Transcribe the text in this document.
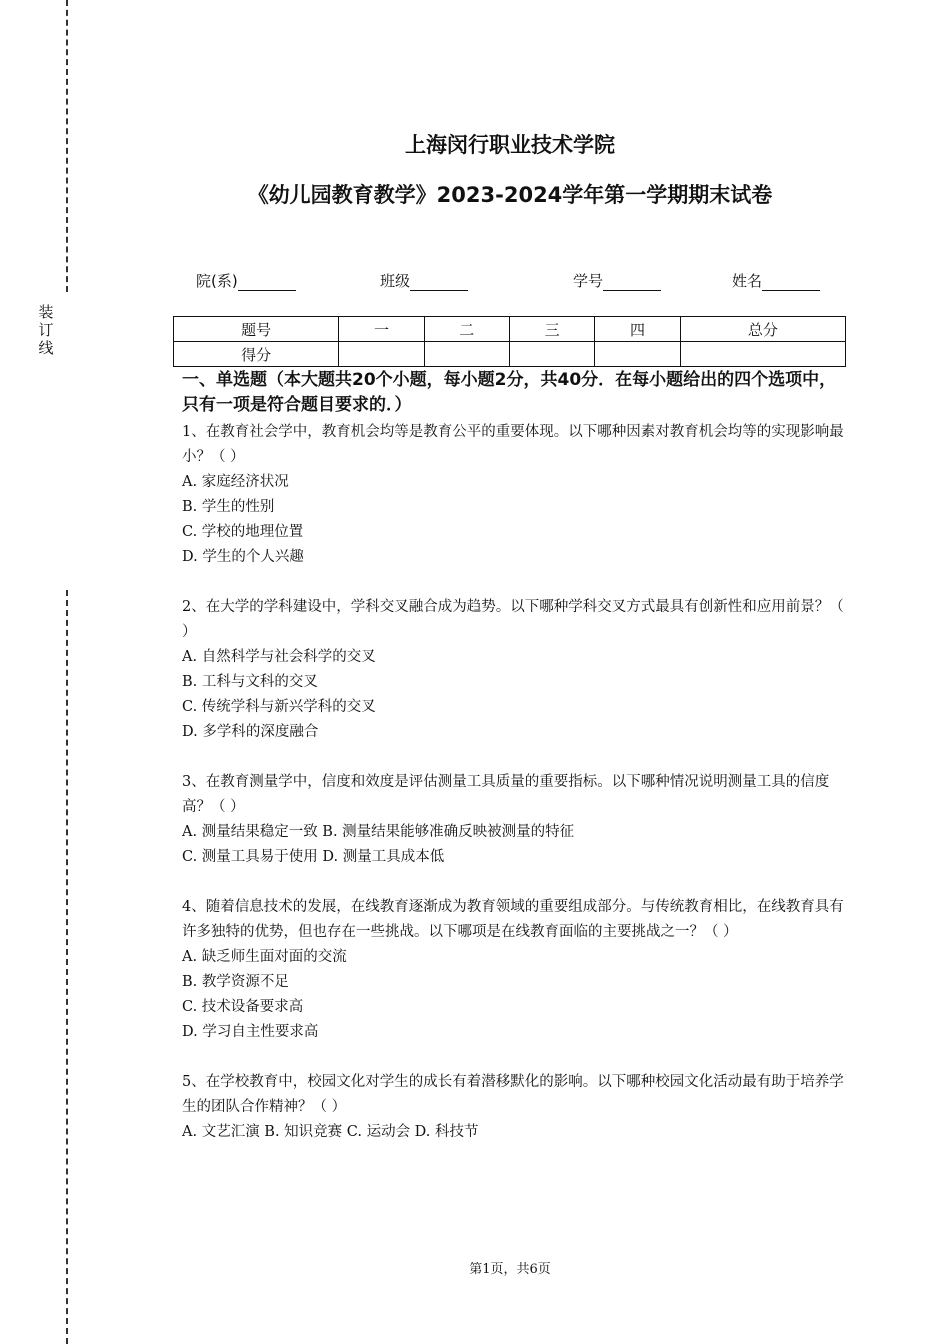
装订线
上海闵行职业技术学院
《幼儿园教育教学》2023-2024学年第一学期期末试卷
院(系)	班级	学号	姓名
题号	一	二	三	四	总分
得分					
一、单选题（本大题共20个小题，每小题2分，共40分．在每小题给出的四个选项中，只有一项是符合题目要求的．）

1、在教育社会学中，教育机会均等是教育公平的重要体现。以下哪种因素对教育机会均等的实现影响最小？（ ）

A. 家庭经济状况

B. 学生的性别

C. 学校的地理位置

D. 学生的个人兴趣

2、在大学的学科建设中，学科交叉融合成为趋势。以下哪种学科交叉方式最具有创新性和应用前景？（ ）

A. 自然科学与社会科学的交叉

B. 工科与文科的交叉

C. 传统学科与新兴学科的交叉

D. 多学科的深度融合

3、在教育测量学中，信度和效度是评估测量工具质量的重要指标。以下哪种情况说明测量工具的信度高？（ ）

A. 测量结果稳定一致 B. 测量结果能够准确反映被测量的特征

C. 测量工具易于使用 D. 测量工具成本低

4、随着信息技术的发展，在线教育逐渐成为教育领域的重要组成部分。与传统教育相比，在线教育具有许多独特的优势，但也存在一些挑战。以下哪项是在线教育面临的主要挑战之一？（ ）

A. 缺乏师生面对面的交流

B. 教学资源不足

C. 技术设备要求高

D. 学习自主性要求高

5、在学校教育中，校园文化对学生的成长有着潜移默化的影响。以下哪种校园文化活动最有助于培养学生的团队合作精神？（ ）

A. 文艺汇演 B. 知识竞赛 C. 运动会 D. 科技节

第1页，共6页
